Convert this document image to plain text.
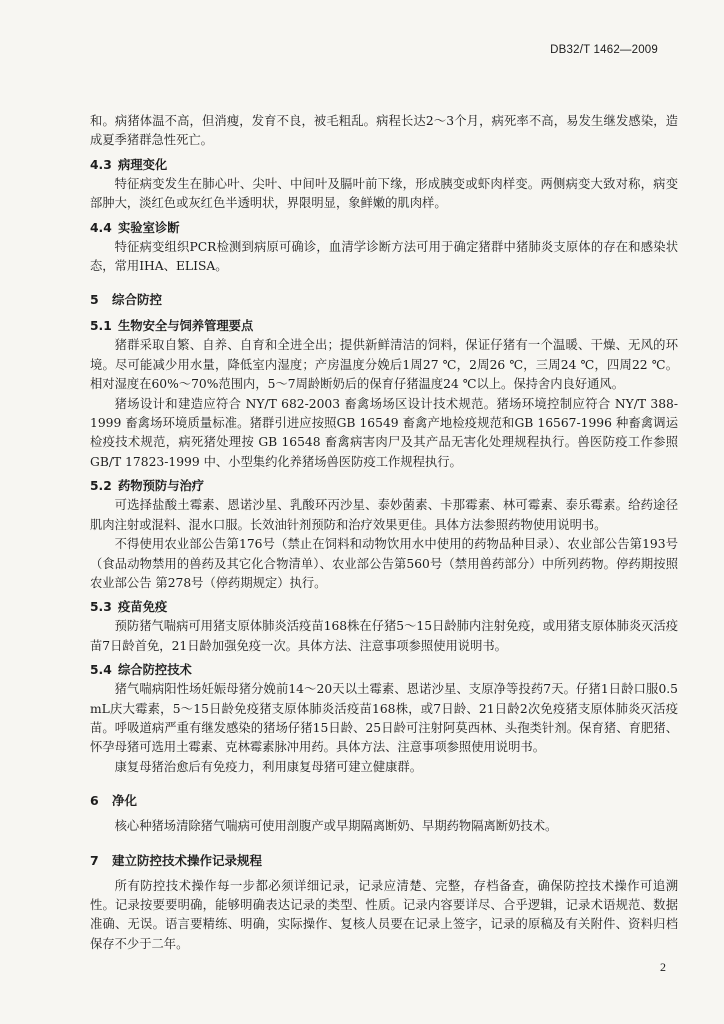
DB32/T 1462—2009

和。病猪体温不高，但消瘦，发育不良，被毛粗乱。病程长达2～3个月，病死率不高，易发生继发感染，造成夏季猪群急性死亡。

4.3 病理变化

特征病变发生在肺心叶、尖叶、中间叶及膈叶前下缘，形成胰变或虾肉样变。两侧病变大致对称，病变部肿大，淡红色或灰红色半透明状，界限明显，象鲜嫩的肌肉样。

4.4 实验室诊断

特征病变组织PCR检测到病原可确诊，血清学诊断方法可用于确定猪群中猪肺炎支原体的存在和感染状态，常用IHA、ELISA。

5 综合防控
5.1 生物安全与饲养管理要点

猪群采取自繁、自养、自育和全进全出；提供新鲜清洁的饲料，保证仔猪有一个温暖、干燥、无风的环境。尽可能减少用水量，降低室内湿度；产房温度分娩后1周27 ℃，2周26 ℃，三周24 ℃，四周22 ℃。相对湿度在60%～70%范围内，5～7周龄断奶后的保育仔猪温度24 ℃以上。保持舍内良好通风。

猪场设计和建造应符合 NY/T 682-2003 畜禽场场区设计技术规范。猪场环境控制应符合 NY/T 388-1999 畜禽场环境质量标准。猪群引进应按照GB 16549 畜禽产地检疫规范和GB 16567-1996 种畜禽调运检疫技术规范，病死猪处理按 GB 16548 畜禽病害肉尸及其产品无害化处理规程执行。兽医防疫工作参照GB/T 17823-1999 中、小型集约化养猪场兽医防疫工作规程执行。

5.2 药物预防与治疗

可选择盐酸土霉素、恩诺沙星、乳酸环丙沙星、泰妙菌素、卡那霉素、林可霉素、泰乐霉素。给药途径肌肉注射或混料、混水口服。长效油针剂预防和治疗效果更佳。具体方法参照药物使用说明书。

不得使用农业部公告第176号（禁止在饲料和动物饮用水中使用的药物品种目录）、农业部公告第193号（食品动物禁用的兽药及其它化合物清单）、农业部公告第560号（禁用兽药部分）中所列药物。停药期按照农业部公告 第278号（停药期规定）执行。

5.3 疫苗免疫

预防猪气喘病可用猪支原体肺炎活疫苗168株在仔猪5～15日龄肺内注射免疫，或用猪支原体肺炎灭活疫苗7日龄首免，21日龄加强免疫一次。具体方法、注意事项参照使用说明书。

5.4 综合防控技术

猪气喘病阳性场妊娠母猪分娩前14～20天以土霉素、恩诺沙星、支原净等投药7天。仔猪1日龄口服0.5 mL庆大霉素，5～15日龄免疫猪支原体肺炎活疫苗168株，或7日龄、21日龄2次免疫猪支原体肺炎灭活疫苗。呼吸道病严重有继发感染的猪场仔猪15日龄、25日龄可注射阿莫西林、头孢类针剂。保育猪、育肥猪、怀孕母猪可选用土霉素、克林霉素脉冲用药。具体方法、注意事项参照使用说明书。

康复母猪治愈后有免疫力，利用康复母猪可建立健康群。

6 净化

核心种猪场清除猪气喘病可使用剖腹产或早期隔离断奶、早期药物隔离断奶技术。

7 建立防控技术操作记录规程

所有防控技术操作每一步都必须详细记录，记录应清楚、完整，存档备查，确保防控技术操作可追溯性。记录按要要明确，能够明确表达记录的类型、性质。记录内容要详尽、合乎逻辑，记录术语规范、数据准确、无误。语言要精练、明确，实际操作、复核人员要在记录上签字，记录的原稿及有关附件、资料归档保存不少于二年。

2
